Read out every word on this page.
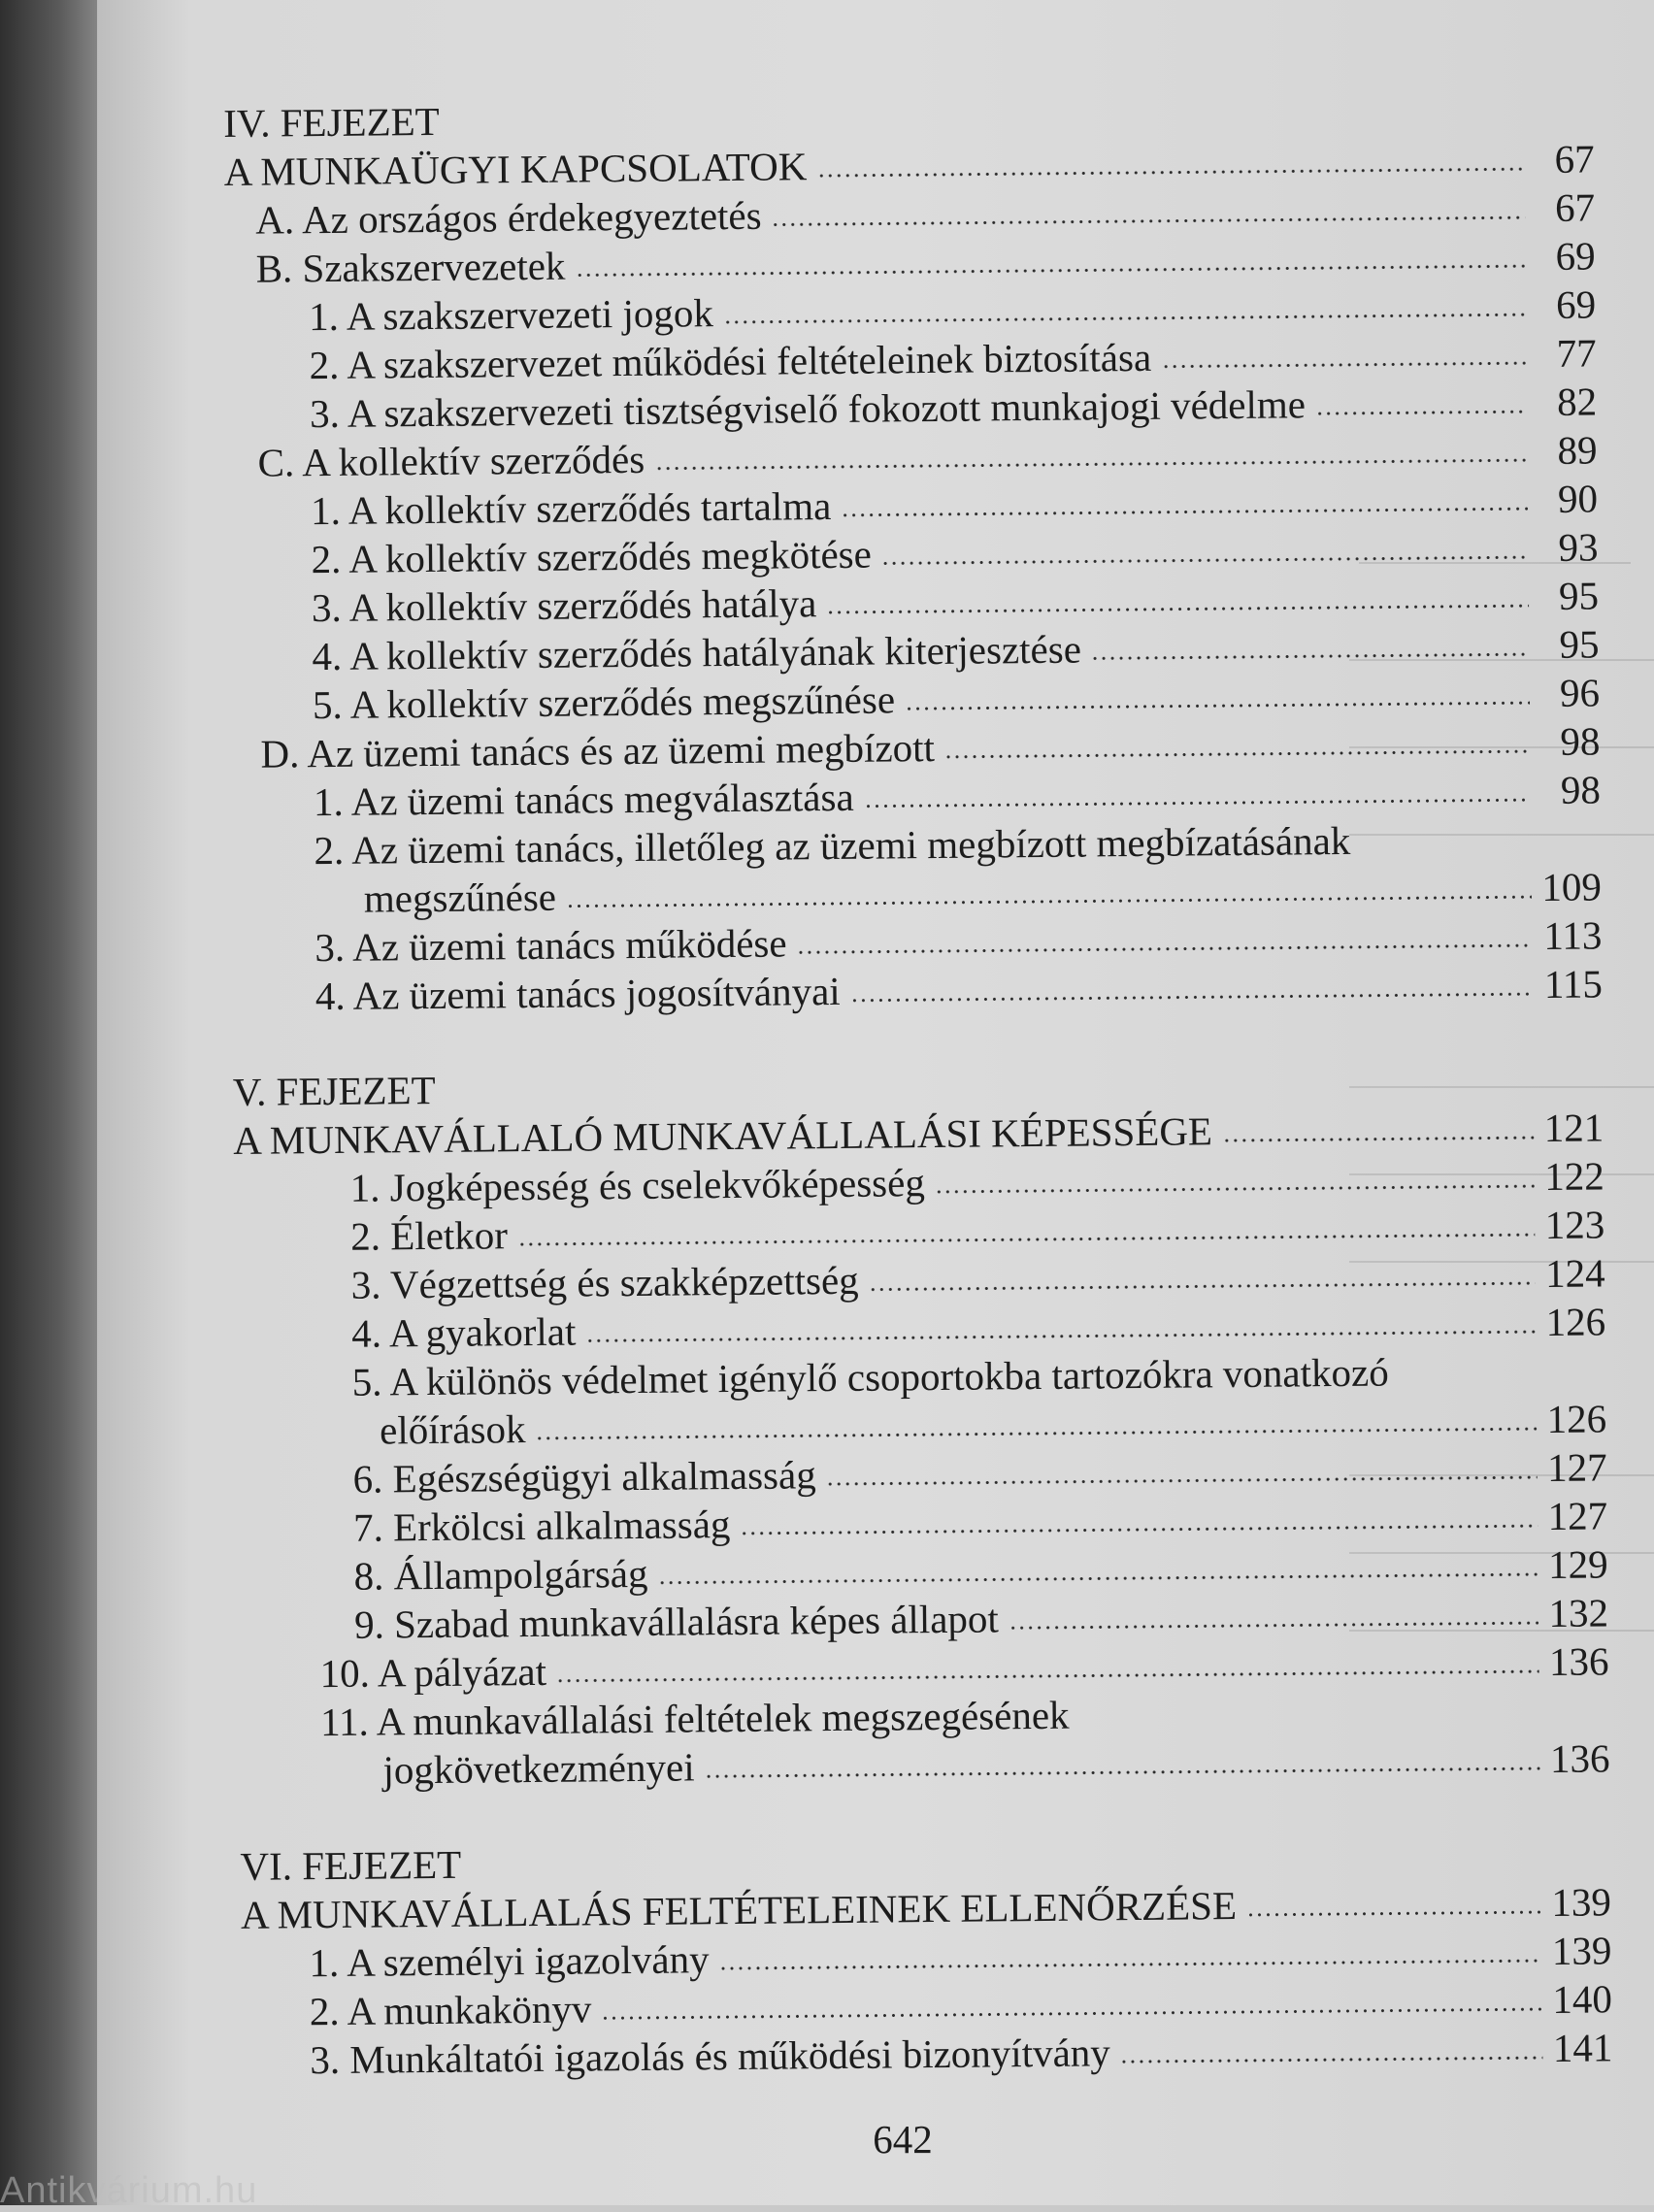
IV. FEJEZET
A MUNKAÜGYI KAPCSOLATOK	67
A. Az országos érdekegyeztetés	67
B. Szakszervezetek	69
1. A szakszervezeti jogok	69
2. A szakszervezet működési feltételeinek biztosítása	77
3. A szakszervezeti tisztségviselő fokozott munkajogi védelme	82
C. A kollektív szerződés	89
1. A kollektív szerződés tartalma	90
2. A kollektív szerződés megkötése	93
3. A kollektív szerződés hatálya	95
4. A kollektív szerződés hatályának kiterjesztése	95
5. A kollektív szerződés megszűnése	96
D. Az üzemi tanács és az üzemi megbízott	98
1. Az üzemi tanács megválasztása	98
2. Az üzemi tanács, illetőleg az üzemi megbízott megbízatásának
megszűnése	109
3. Az üzemi tanács működése	113
4. Az üzemi tanács jogosítványai	115
V. FEJEZET
A MUNKAVÁLLALÓ MUNKAVÁLLALÁSI KÉPESSÉGE	121
1. Jogképesség és cselekvőképesség	122
2. Életkor	123
3. Végzettség és szakképzettség	124
4. A gyakorlat	126
5. A különös védelmet igénylő csoportokba tartozókra vonatkozó
előírások	126
6. Egészségügyi alkalmasság	127
7. Erkölcsi alkalmasság	127
8. Állampolgárság	129
9. Szabad munkavállalásra képes állapot	132
10. A pályázat	136
11. A munkavállalási feltételek megszegésének
jogkövetkezményei	136
VI. FEJEZET
A MUNKAVÁLLALÁS FELTÉTELEINEK ELLENŐRZÉSE	139
1. A személyi igazolvány	139
2. A munkakönyv	140
3. Munkáltatói igazolás és működési bizonyítvány	141
642
Antikvárium.hu
